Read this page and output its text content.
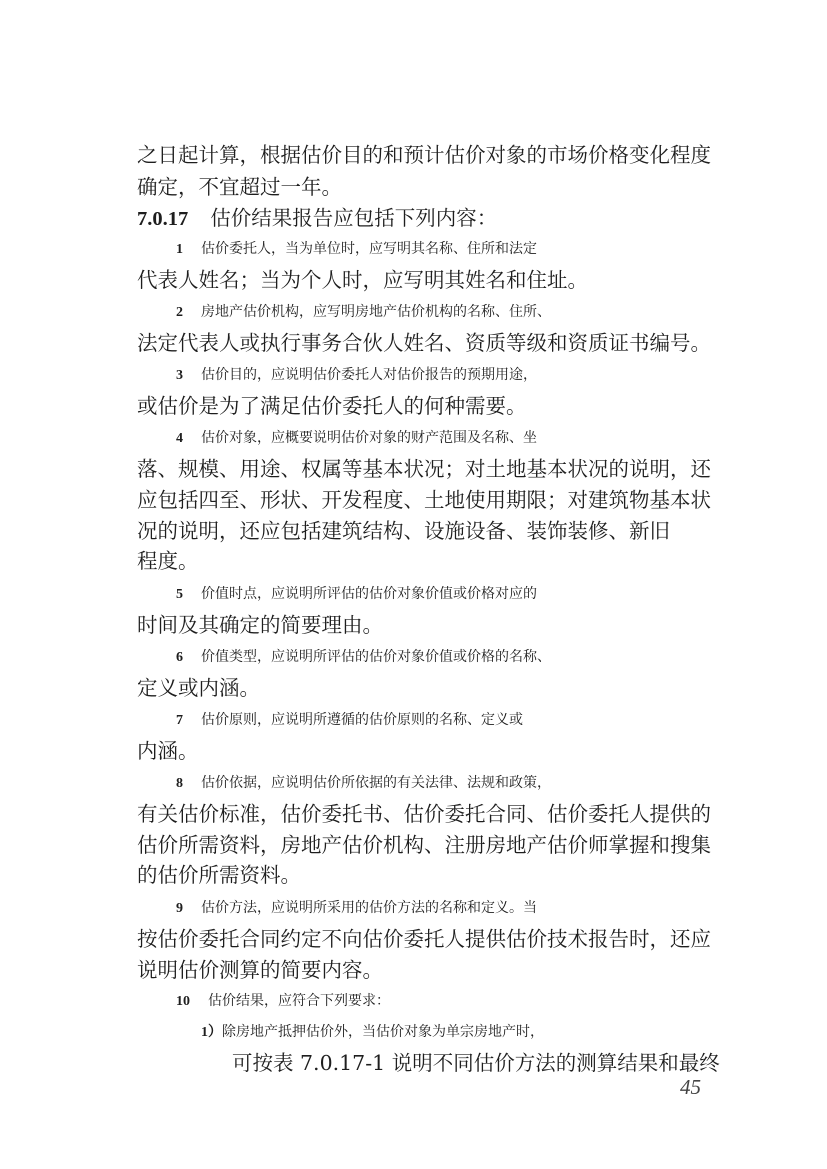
之日起计算，根据估价目的和预计估价对象的市场价格变化程度
确定，不宜超过一年。
7.0.17 估价结果报告应包括下列内容：
1 估价委托人，当为单位时，应写明其名称、住所和法定
代表人姓名；当为个人时，应写明其姓名和住址。
2 房地产估价机构，应写明房地产估价机构的名称、住所、
法定代表人或执行事务合伙人姓名、资质等级和资质证书编号。
3 估价目的，应说明估价委托人对估价报告的预期用途，
或估价是为了满足估价委托人的何种需要。
4 估价对象，应概要说明估价对象的财产范围及名称、坐
落、规模、用途、权属等基本状况；对土地基本状况的说明，还
应包括四至、形状、开发程度、土地使用期限；对建筑物基本状
况的说明，还应包括建筑结构、设施设备、装饰装修、新旧
程度。
5 价值时点，应说明所评估的估价对象价值或价格对应的
时间及其确定的简要理由。
6 价值类型，应说明所评估的估价对象价值或价格的名称、
定义或内涵。
7 估价原则，应说明所遵循的估价原则的名称、定义或
内涵。
8 估价依据，应说明估价所依据的有关法律、法规和政策，
有关估价标准，估价委托书、估价委托合同、估价委托人提供的
估价所需资料，房地产估价机构、注册房地产估价师掌握和搜集
的估价所需资料。
9 估价方法，应说明所采用的估价方法的名称和定义。当
按估价委托合同约定不向估价委托人提供估价技术报告时，还应
说明估价测算的简要内容。
10 估价结果，应符合下列要求：
1）除房地产抵押估价外，当估价对象为单宗房地产时，
可按表 7.0.17-1 说明不同估价方法的测算结果和最终
45
